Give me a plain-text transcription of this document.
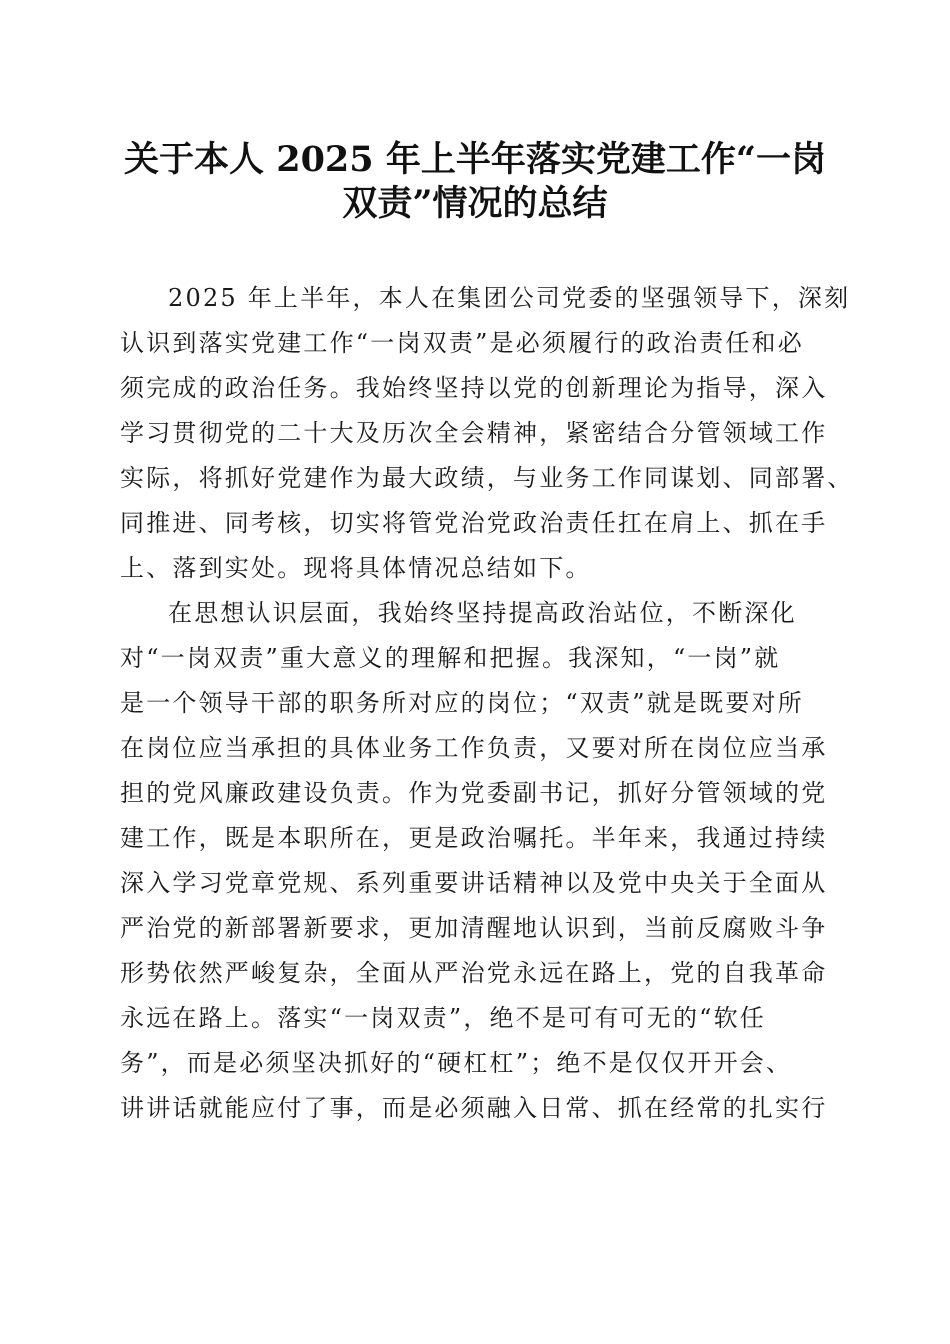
关于本人 2025 年上半年落实党建工作“一岗
双责”情况的总结
2025 年上半年，本人在集团公司党委的坚强领导下，深刻
认识到落实党建工作“一岗双责”是必须履行的政治责任和必
须完成的政治任务。我始终坚持以党的创新理论为指导，深入
学习贯彻党的二十大及历次全会精神，紧密结合分管领域工作
实际，将抓好党建作为最大政绩，与业务工作同谋划、同部署、
同推进、同考核，切实将管党治党政治责任扛在肩上、抓在手
上、落到实处。现将具体情况总结如下。
在思想认识层面，我始终坚持提高政治站位，不断深化
对“一岗双责”重大意义的理解和把握。我深知，“一岗”就
是一个领导干部的职务所对应的岗位；“双责”就是既要对所
在岗位应当承担的具体业务工作负责，又要对所在岗位应当承
担的党风廉政建设负责。作为党委副书记，抓好分管领域的党
建工作，既是本职所在，更是政治嘱托。半年来，我通过持续
深入学习党章党规、系列重要讲话精神以及党中央关于全面从
严治党的新部署新要求，更加清醒地认识到，当前反腐败斗争
形势依然严峻复杂，全面从严治党永远在路上，党的自我革命
永远在路上。落实“一岗双责”，绝不是可有可无的“软任
务”，而是必须坚决抓好的“硬杠杠”；绝不是仅仅开开会、
讲讲话就能应付了事，而是必须融入日常、抓在经常的扎实行
